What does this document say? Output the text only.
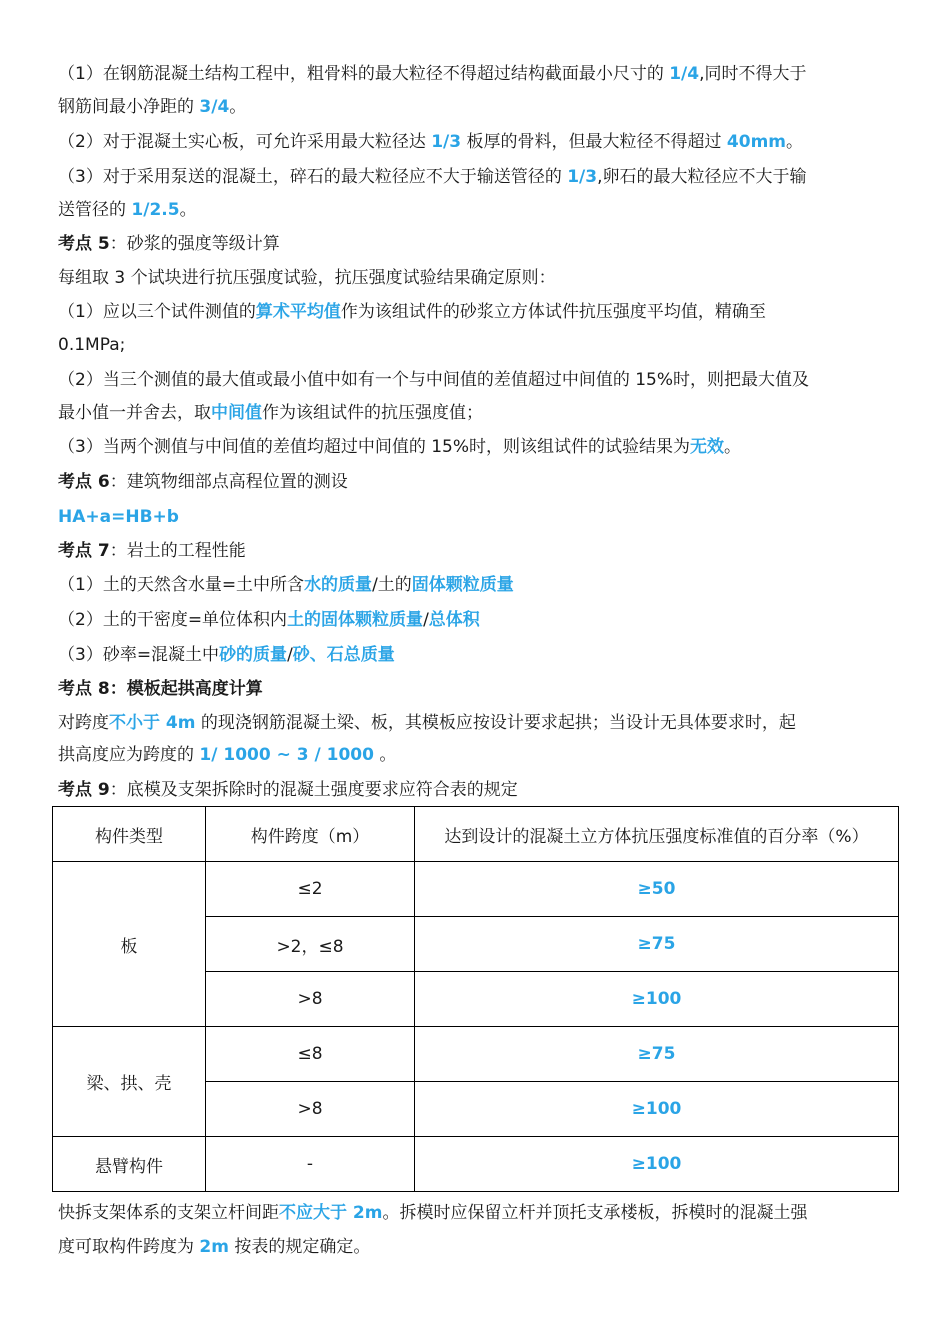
（1）在钢筋混凝土结构工程中，粗骨料的最大粒径不得超过结构截面最小尺寸的 1/4,同时不得大于
钢筋间最小净距的 3/4。
（2）对于混凝土实心板，可允许采用最大粒径达 1/3 板厚的骨料，但最大粒径不得超过 40mm。
（3）对于采用泵送的混凝土，碎石的最大粒径应不大于输送管径的 1/3,卵石的最大粒径应不大于输
送管径的 1/2.5。
考点 5：砂浆的强度等级计算
每组取 3 个试块进行抗压强度试验，抗压强度试验结果确定原则：
（1）应以三个试件测值的算术平均值作为该组试件的砂浆立方体试件抗压强度平均值，精确至
0.1MPa;
（2）当三个测值的最大值或最小值中如有一个与中间值的差值超过中间值的 15%时，则把最大值及
最小值一并舍去，取中间值作为该组试件的抗压强度值；
（3）当两个测值与中间值的差值均超过中间值的 15%时，则该组试件的试验结果为无效。
考点 6：建筑物细部点高程位置的测设
HA+a=HB+b
考点 7：岩土的工程性能
（1）土的天然含水量=土中所含水的质量/土的固体颗粒质量
（2）土的干密度=单位体积内土的固体颗粒质量/总体积
（3）砂率=混凝土中砂的质量/砂、石总质量
考点 8：模板起拱高度计算
对跨度不小于 4m 的现浇钢筋混凝土梁、板，其模板应按设计要求起拱；当设计无具体要求时，起
拱高度应为跨度的 1/ 1000 ~ 3 / 1000 。
考点 9：底模及支架拆除时的混凝土强度要求应符合表的规定
构件类型	构件跨度（m）	达到设计的混凝土立方体抗压强度标准值的百分率（%）
板	≤2	≥50
	>2，≤8	≥75
	>8	≥100
梁、拱、壳	≤8	≥75
	>8	≥100
悬臂构件	-	≥100
快拆支架体系的支架立杆间距不应大于 2m。拆模时应保留立杆并顶托支承楼板，拆模时的混凝土强
度可取构件跨度为 2m 按表的规定确定。
